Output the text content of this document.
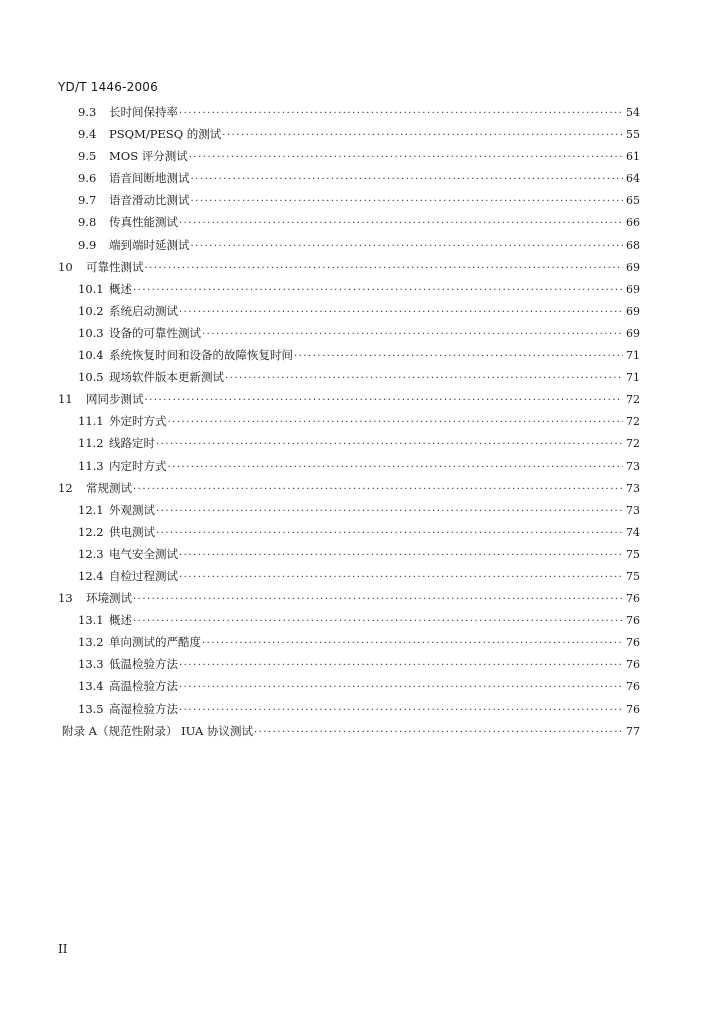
YD/T 1446-2006
9.3	长时间保持率 ·····	54
9.4	PSQM/PESQ 的测试 ·····	55
9.5	MOS 评分测试 ·····	61
9.6	语音间断地测试 ·····	64
9.7	语音滑动比测试 ·····	65
9.8	传真性能测试 ·····	66
9.9	端到端时延测试 ·····	68
10	可靠性测试 ·····	69
10.1 概述 ·····	69
10.2 系统启动测试 ·····	69
10.3 设备的可靠性测试 ·····	69
10.4 系统恢复时间和设备的故障恢复时间 ·····	71
10.5 现场软件版本更新测试 ·····	71
11	网同步测试 ·····	72
11.1 外定时方式 ·····	72
11.2 线路定时 ·····	72
11.3 内定时方式 ·····	73
12	常规测试 ·····	73
12.1 外观测试 ·····	73
12.2 供电测试 ·····	74
12.3 电气安全测试 ·····	75
12.4 自检过程测试 ·····	75
13	环境测试 ·····	76
13.1 概述 ·····	76
13.2 单向测试的严酷度 ·····	76
13.3 低温检验方法 ·····	76
13.4 高温检验方法 ·····	76
13.5 高湿检验方法 ·····	76
附录 A（规范性附录） IUA 协议测试 ·····	77
II
